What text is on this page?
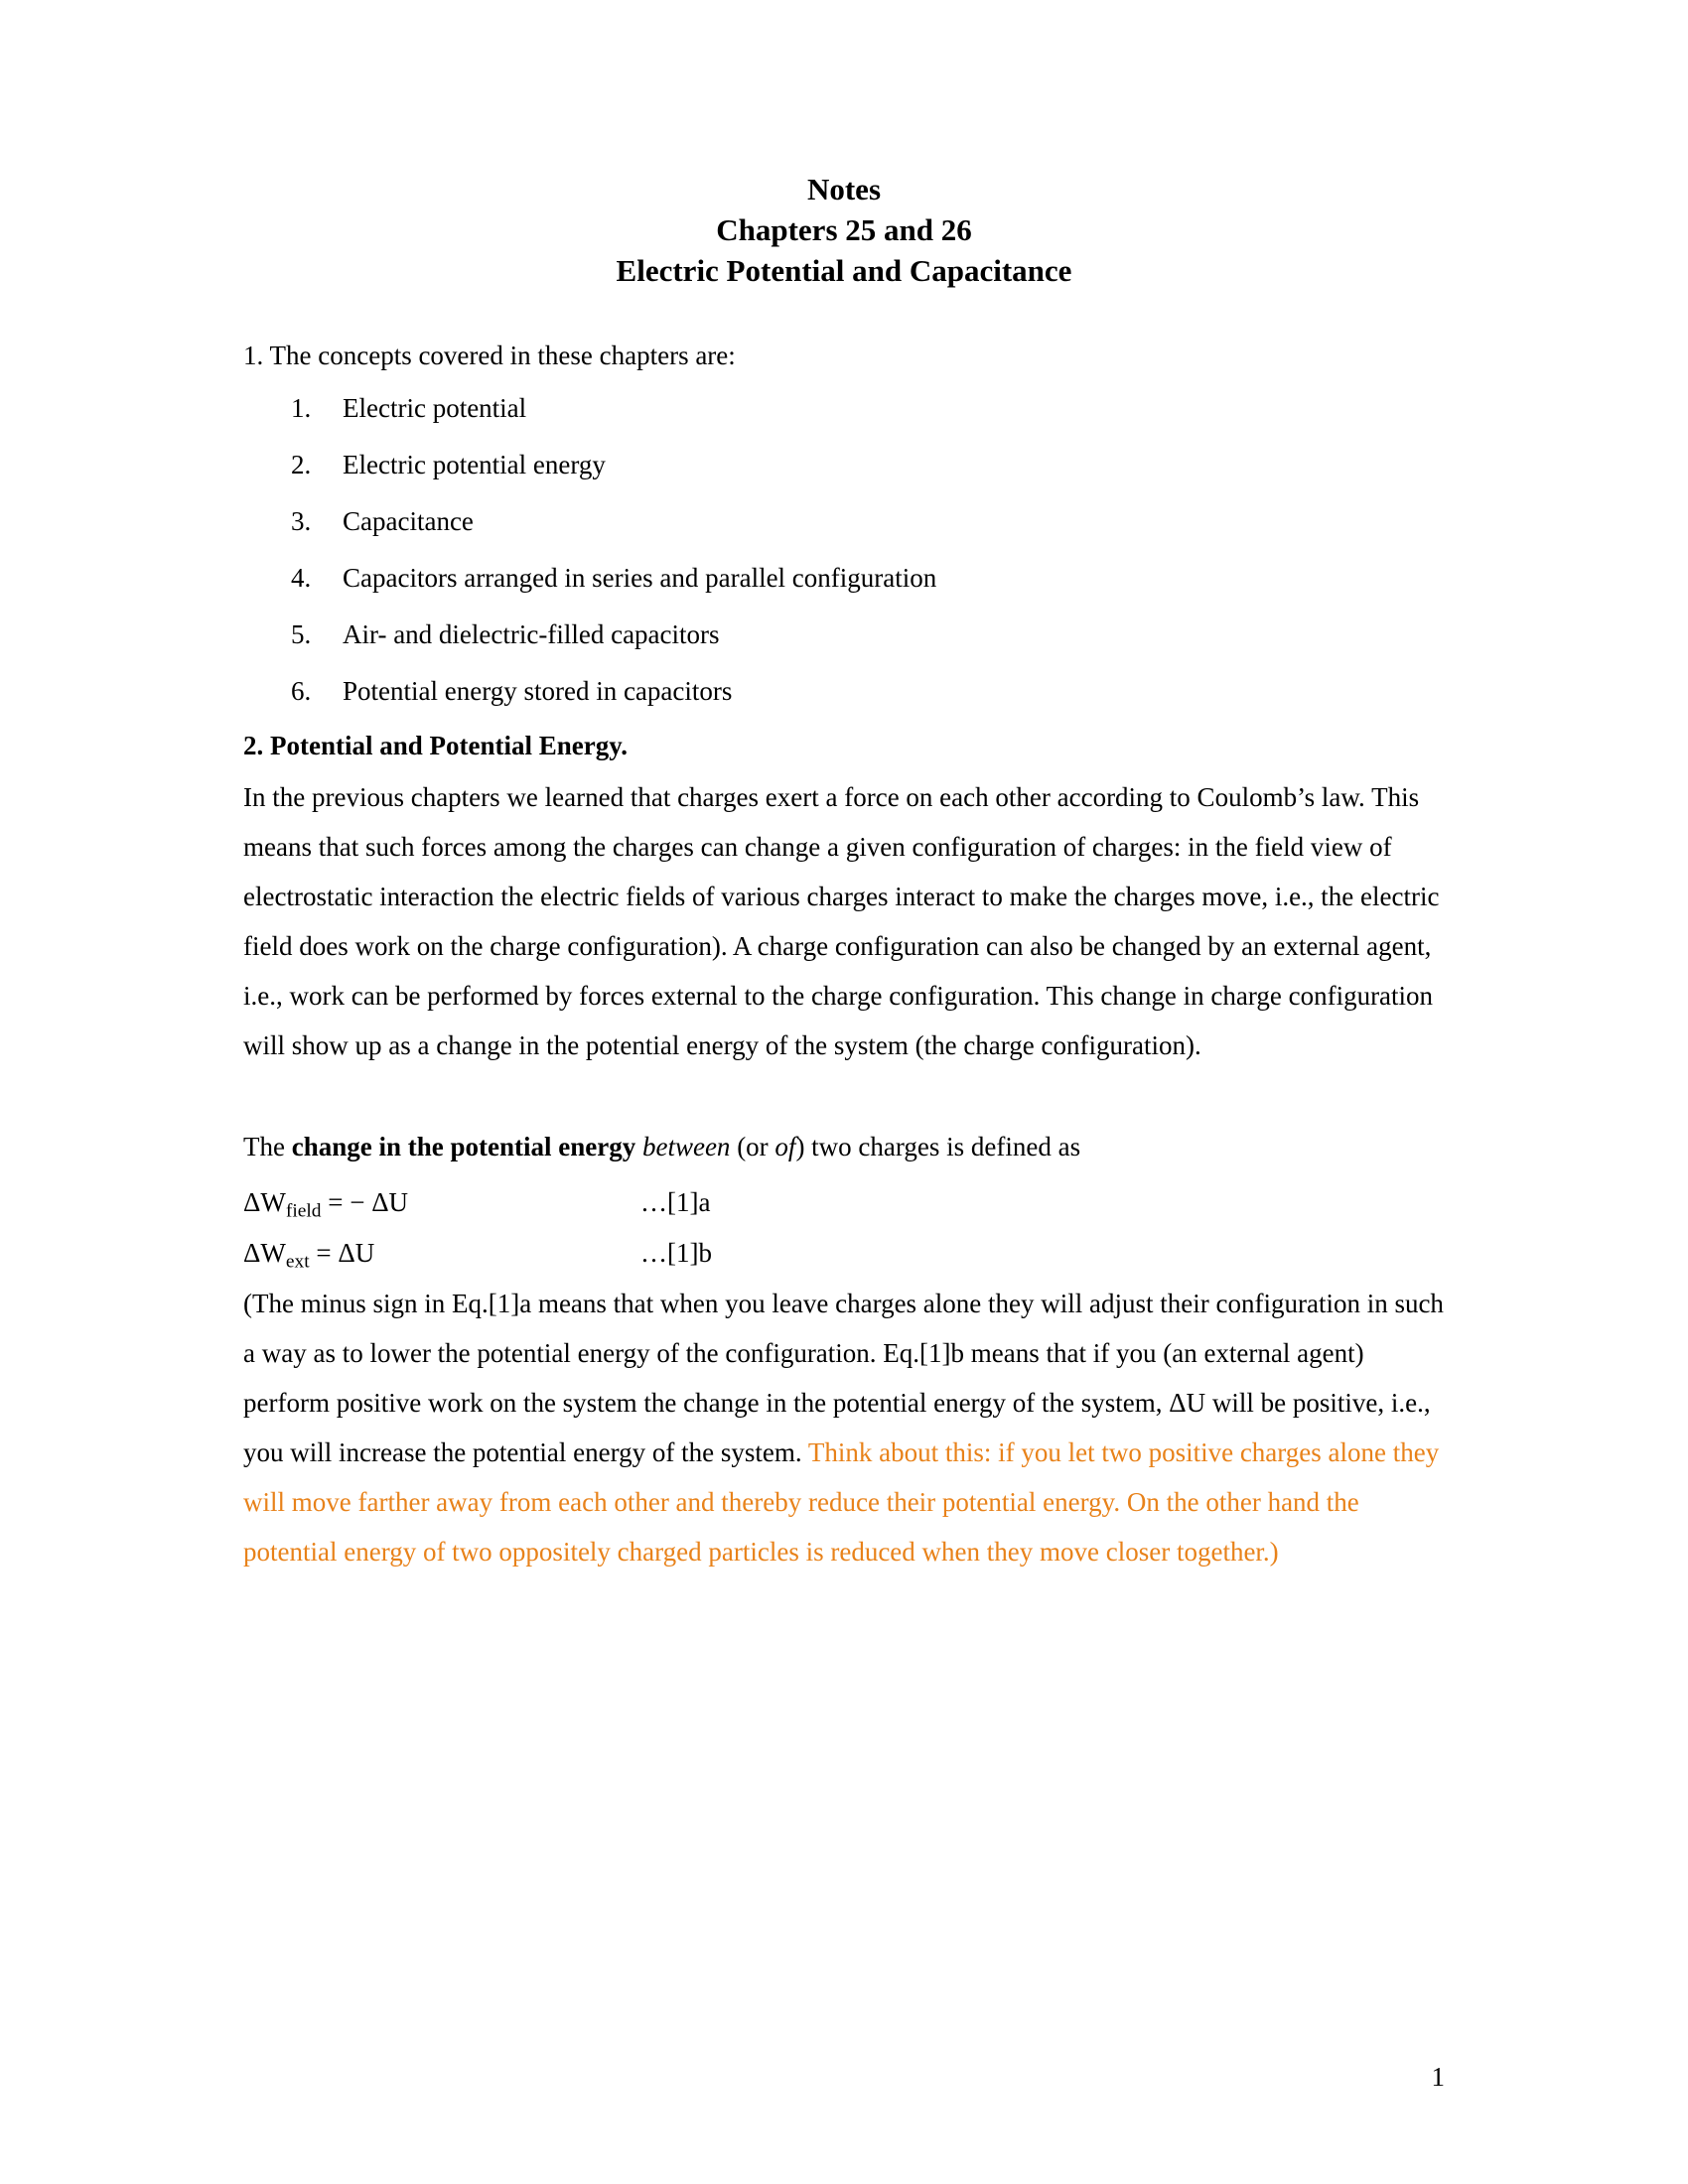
Notes
Chapters 25 and 26
Electric Potential and Capacitance

1. The concepts covered in these chapters are:

1.	Electric potential
2.	Electric potential energy
3.	Capacitance
4.	Capacitors arranged in series and parallel configuration
5.	Air- and dielectric-filled capacitors
6.	Potential energy stored in capacitors

2. Potential and Potential Energy.

In the previous chapters we learned that charges exert a force on each other according to Coulomb’s law. This means that such forces among the charges can change a given configuration of charges: in the field view of electrostatic interaction the electric fields of various charges interact to make the charges move, i.e., the electric field does work on the charge configuration). A charge configuration can also be changed by an external agent, i.e., work can be performed by forces external to the charge configuration. This change in charge configuration will show up as a change in the potential energy of the system (the charge configuration).

The change in the potential energy between (or of) two charges is defined as

$\Delta W_{field}$ = − ΔU	…[1]a

$\Delta W_{ext} = \Delta U$	…[1]b

(The minus sign in Eq.[1]a means that when you leave charges alone they will adjust their configuration in such a way as to lower the potential energy of the configuration. Eq.[1]b means that if you (an external agent) perform positive work on the system the change in the potential energy of the system, ΔU will be positive, i.e., you will increase the potential energy of the system. Think about this: if you let two positive charges alone they will move farther away from each other and thereby reduce their potential energy. On the other hand the potential energy of two oppositely charged particles is reduced when they move closer together.)

1
